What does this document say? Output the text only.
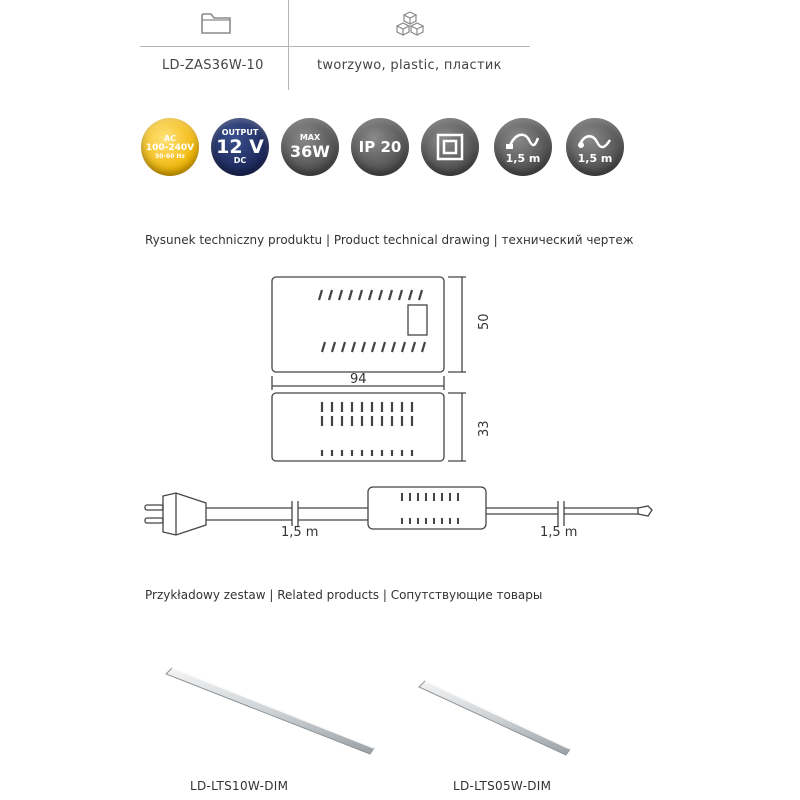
LD-ZAS36W-10	tworzywo, plastic, пластик
AC
100-240V
50-60 Hz
OUTPUT
12 V
DC
MAX
36W IP 20
1,5 m	1,5 m
Rysunek techniczny produktu | Product technical drawing | технический чертеж
94
50
33
1,5 m	1,5 m
Przykładowy zestaw | Related products | Сопутствующие товары
LD-LTS10W-DIM	LD-LTS05W-DIM
